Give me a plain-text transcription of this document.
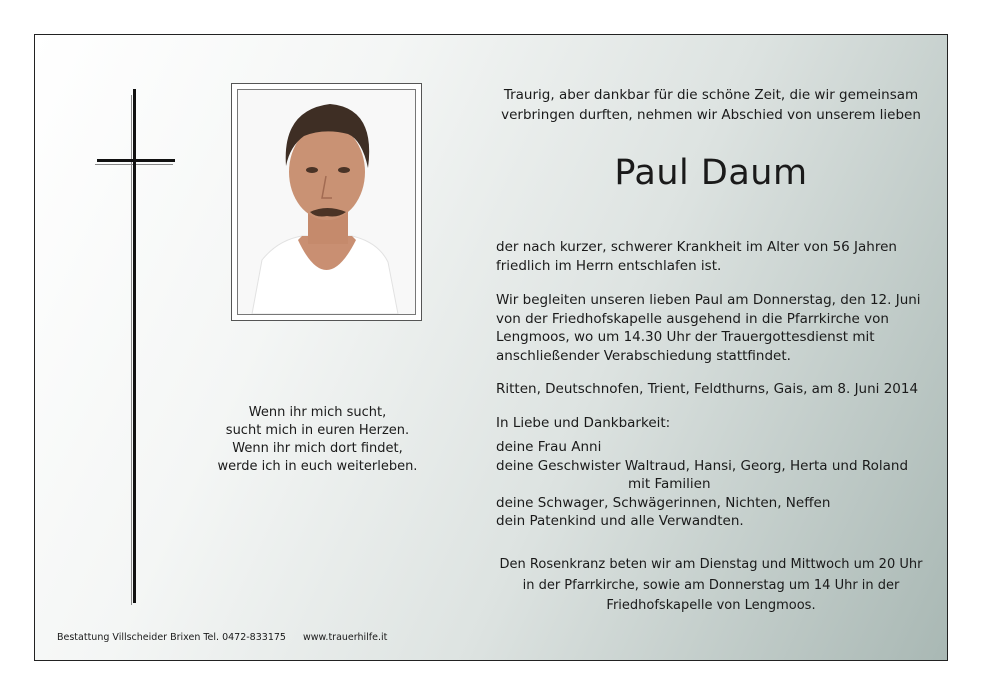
Wenn ihr mich sucht,
sucht mich in euren Herzen.
Wenn ihr mich dort findet,
werde ich in euch weiterleben.
Traurig, aber dankbar für die schöne Zeit, die wir gemeinsam
verbringen durften, nehmen wir Abschied von unserem lieben
Paul Daum
der nach kurzer, schwerer Krankheit im Alter von 56 Jahren
friedlich im Herrn entschlafen ist.
Wir begleiten unseren lieben Paul am Donnerstag, den 12. Juni
von der Friedhofskapelle ausgehend in die Pfarrkirche von
Lengmoos, wo um 14.30 Uhr der Trauergottesdienst mit
anschließender Verabschiedung stattfindet.
Ritten, Deutschnofen, Trient, Feldthurns, Gais, am 8. Juni 2014
In Liebe und Dankbarkeit:
deine Frau Anni
deine Geschwister Waltraud, Hansi, Georg, Herta und Roland
mit Familien
deine Schwager, Schwägerinnen, Nichten, Neffen
dein Patenkind und alle Verwandten.
Den Rosenkranz beten wir am Dienstag und Mittwoch um 20 Uhr
in der Pfarrkirche, sowie am Donnerstag um 14 Uhr in der
Friedhofskapelle von Lengmoos.
Bestattung Villscheider Brixen Tel. 0472-833175 www.trauerhilfe.it
